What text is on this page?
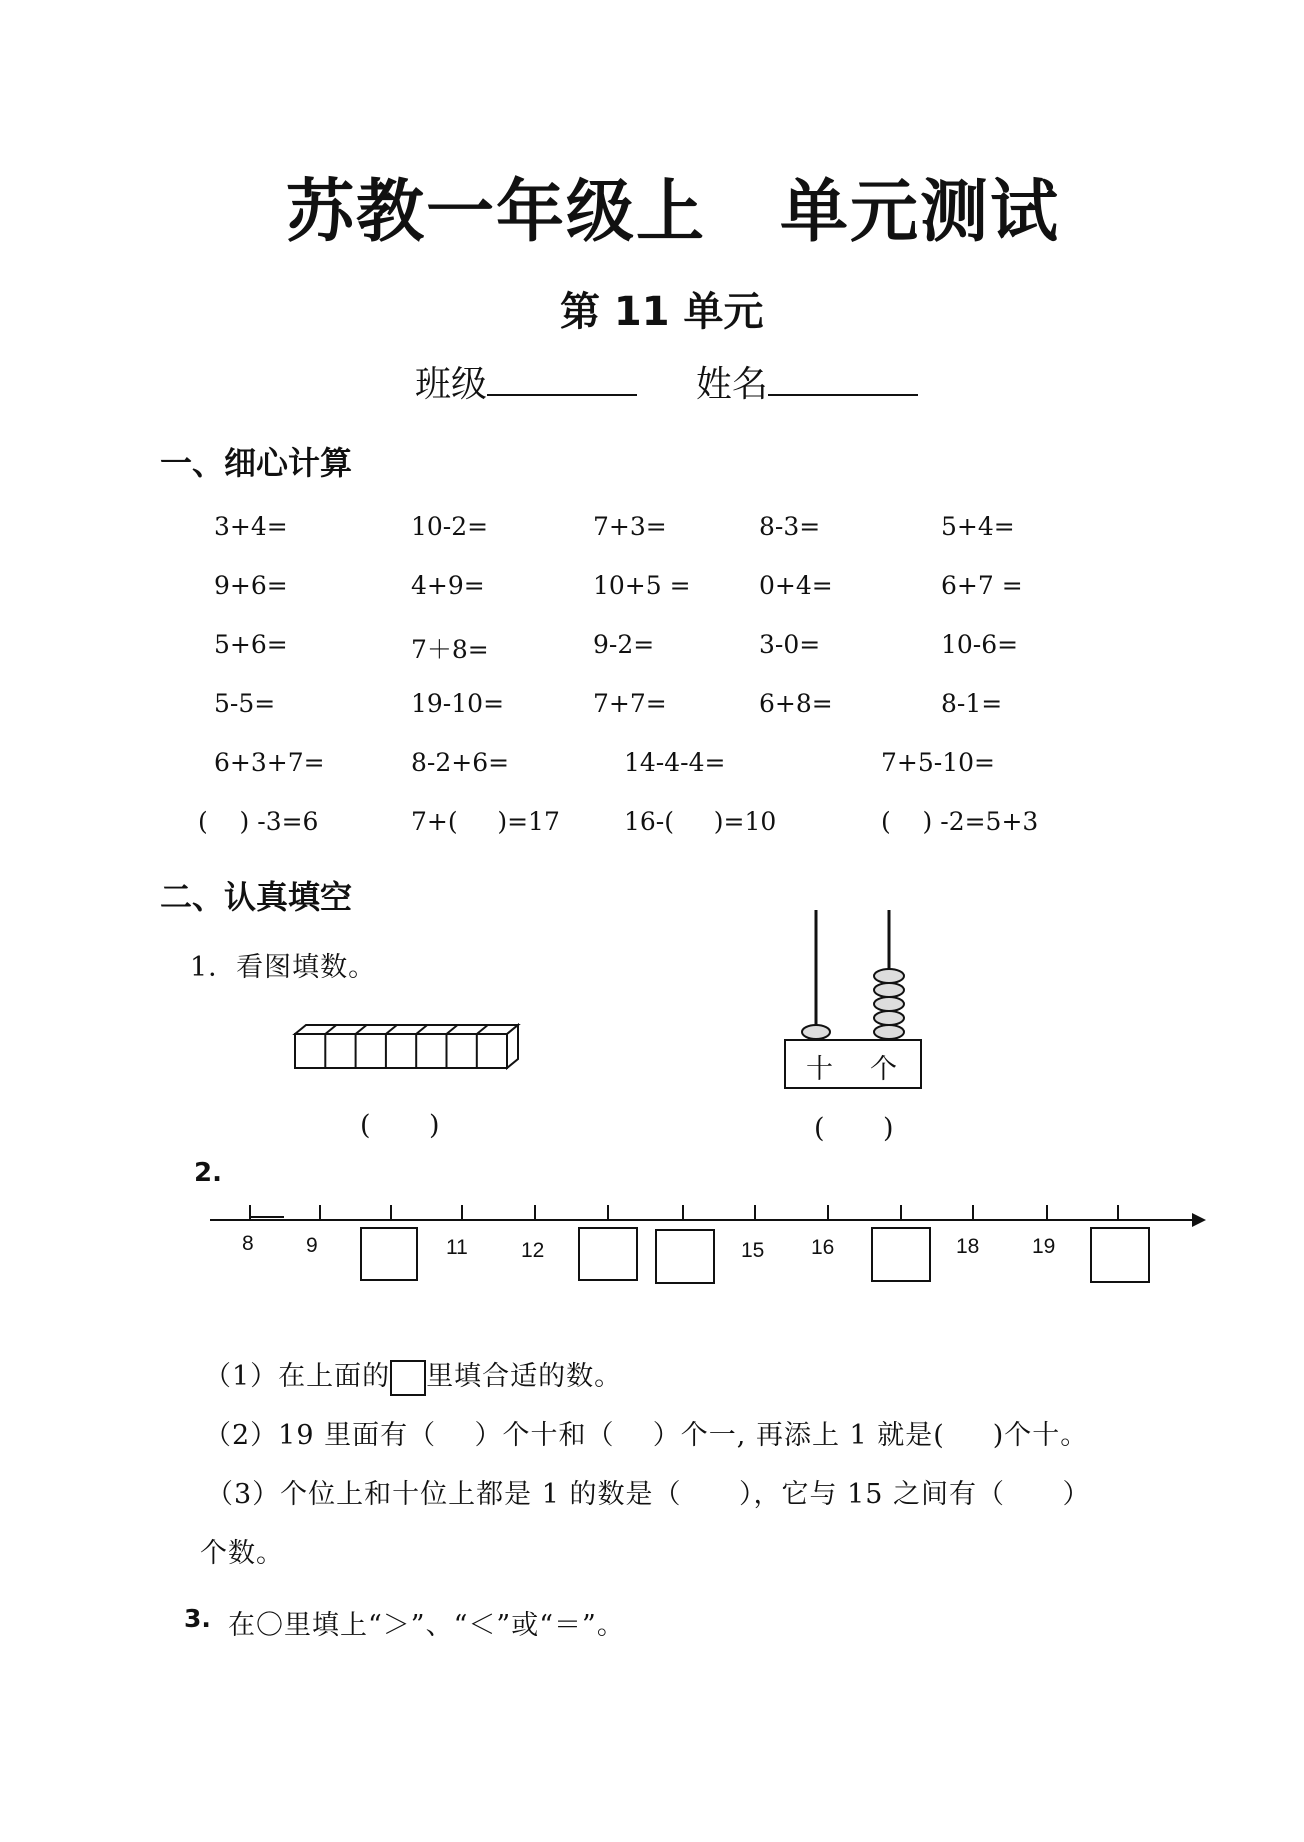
苏教一年级上 单元测试
第 11 单元
班级	姓名
一、细心计算
3+4=	10-2=	7+3=	8-3=	5+4=
9+6=	4+9=	10+5 =	0+4=	6+7 =
5+6=	7＋8=	9-2=	3-0=	10-6=
5-5=	19-10=	7+7=	6+8=	8-1=
6+3+7=	8-2+6=	14-4-4=	7+5-10=
(    ) -3=6	7+(     )=17	16-(     )=10	(    ) -2=5+3
二、认真填空
1．看图填数。
(      )
十 个
(      )
2.
8 9	11	12	15 16	18	19
（1）在上面的 里填合适的数。
（2）19 里面有（    ）个十和（    ）个一, 再添上 1 就是(     )个十。
（3）个位上和十位上都是 1 的数是（      ），它与 15 之间有（      ）
个数。
3. 在〇里填上“＞”、“＜”或“＝”。
